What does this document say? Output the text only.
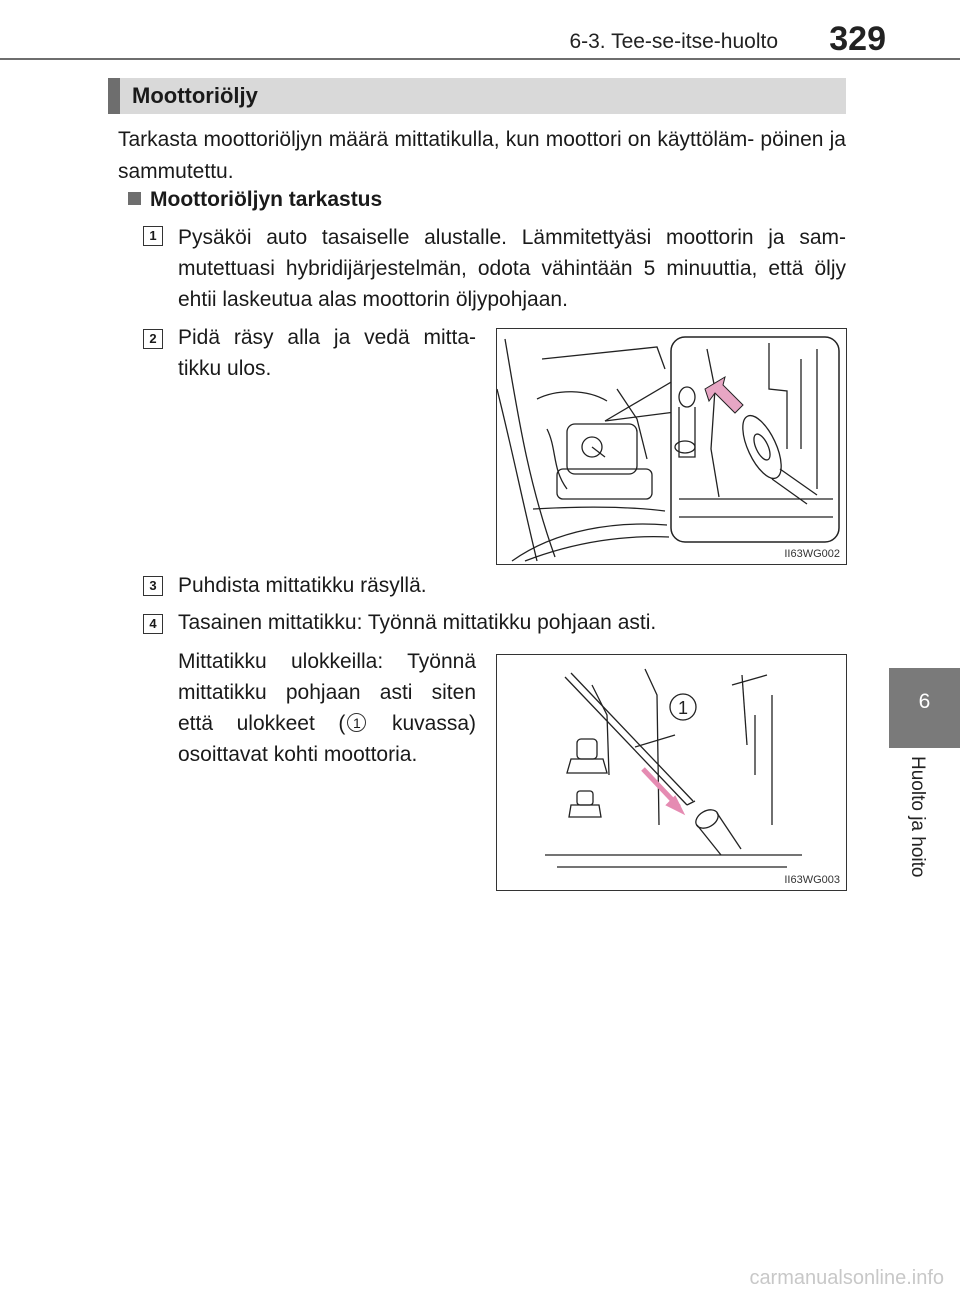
6-3. Tee-se-itse-huolto 329
6
Huolto ja hoito
Moottoriöljy
Tarkasta moottoriöljyn määrä mittatikulla, kun moottori on käyttöläm- pöinen ja sammutettu.
Moottoriöljyn tarkastus
1	Pysäköi auto tasaiselle alustalle. Lämmitettyäsi moottorin ja sam- mutettuasi hybridijärjestelmän, odota vähintään 5 minuuttia, että öljy ehtii laskeutua alas moottorin öljypohjaan.
2	Pidä räsy alla ja vedä mitta- tikku ulos.
II63WG002
3	Puhdista mittatikku räsyllä.
4	Tasainen mittatikku: Työnnä mittatikku pohjaan asti.
Mittatikku ulokkeilla: Työnnä mittatikku pohjaan asti siten että ulokkeet ( 1 kuvassa) osoittavat kohti moottoria.
1
II63WG003
carmanualsonline.info
